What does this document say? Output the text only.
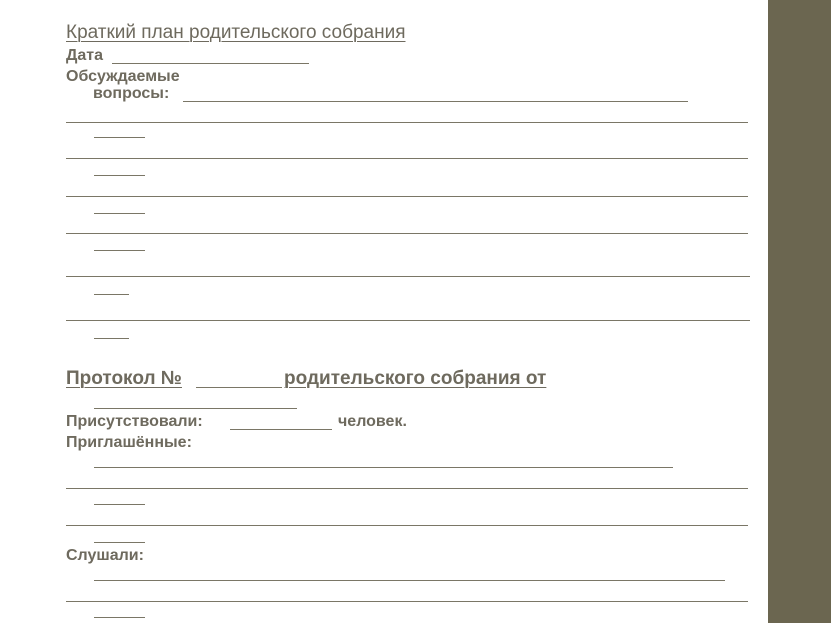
Краткий план родительского собрания
Дата
Обсуждаемые
вопросы:
Протокол №	родительского собрания от
Присутствовали:	человек.
Приглашённые:
Слушали:
